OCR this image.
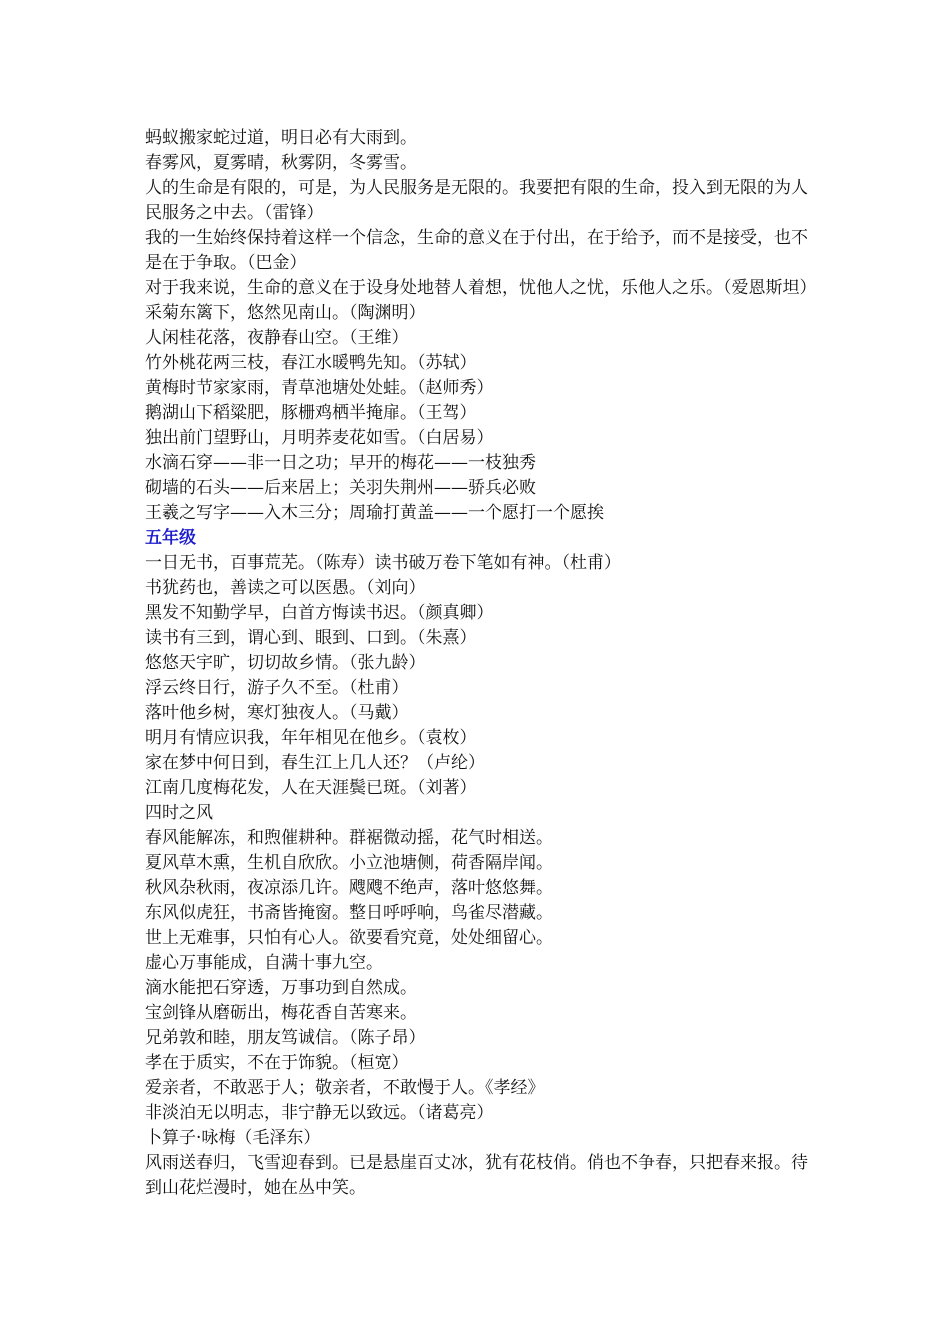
蚂蚁搬家蛇过道，明日必有大雨到。
春雾风，夏雾晴，秋雾阴，冬雾雪。
人的生命是有限的，可是，为人民服务是无限的。我要把有限的生命，投入到无限的为人民服务之中去。（雷锋）
我的一生始终保持着这样一个信念，生命的意义在于付出，在于给予，而不是接受，也不是在于争取。（巴金）
对于我来说，生命的意义在于设身处地替人着想，忧他人之忧，乐他人之乐。（爱恩斯坦）
采菊东篱下，悠然见南山。（陶渊明）
人闲桂花落，夜静春山空。（王维）
竹外桃花两三枝，春江水暖鸭先知。（苏轼）
黄梅时节家家雨，青草池塘处处蛙。（赵师秀）
鹅湖山下稻粱肥，豚栅鸡栖半掩扉。（王驾）
独出前门望野山，月明荞麦花如雪。（白居易）
水滴石穿——非一日之功；早开的梅花——一枝独秀
砌墙的石头——后来居上；关羽失荆州——骄兵必败
王羲之写字——入木三分；周瑜打黄盖——一个愿打一个愿挨
五年级
一日无书，百事荒芜。（陈寿）读书破万卷下笔如有神。（杜甫）
书犹药也，善读之可以医愚。（刘向）
黑发不知勤学早，白首方悔读书迟。（颜真卿）
读书有三到，谓心到、眼到、口到。（朱熹）
悠悠天宇旷，切切故乡情。（张九龄）
浮云终日行，游子久不至。（杜甫）
落叶他乡树，寒灯独夜人。（马戴）
明月有情应识我，年年相见在他乡。（袁枚）
家在梦中何日到，春生江上几人还？（卢纶）
江南几度梅花发，人在天涯鬓已斑。（刘著）
四时之风
春风能解冻，和煦催耕种。群裾微动摇，花气时相送。
夏风草木熏，生机自欣欣。小立池塘侧，荷香隔岸闻。
秋风杂秋雨，夜凉添几许。飕飕不绝声，落叶悠悠舞。
东风似虎狂，书斋皆掩窗。整日呼呼响，鸟雀尽潜藏。
世上无难事，只怕有心人。欲要看究竟，处处细留心。
虚心万事能成，自满十事九空。
滴水能把石穿透，万事功到自然成。
宝剑锋从磨砺出，梅花香自苦寒来。
兄弟敦和睦，朋友笃诚信。（陈子昂）
孝在于质实，不在于饰貌。（桓宽）
爱亲者，不敢恶于人；敬亲者，不敢慢于人。《孝经》
非淡泊无以明志，非宁静无以致远。（诸葛亮）
卜算子·咏梅（毛泽东）
风雨送春归，飞雪迎春到。已是悬崖百丈冰，犹有花枝俏。俏也不争春，只把春来报。待到山花烂漫时，她在丛中笑。
